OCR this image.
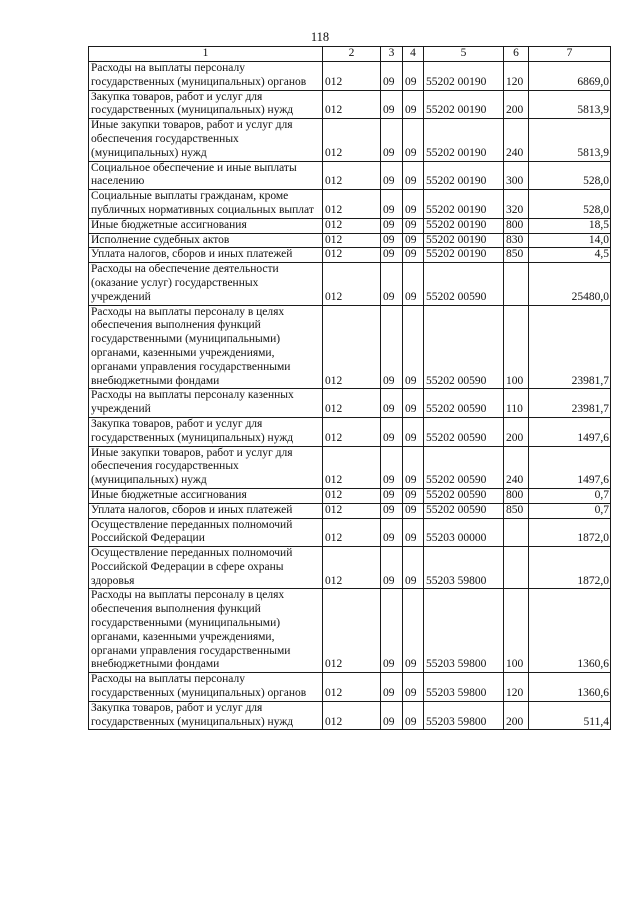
118
1	2	3	4	5	6	7
Расходы на выплаты персоналу государственных (муниципальных) органов	012	09	09	55202 00190	120	6869,0
Закупка товаров, работ и услуг для государственных (муниципальных) нужд	012	09	09	55202 00190	200	5813,9
Иные закупки товаров, работ и услуг для обеспечения государственных (муниципальных) нужд	012	09	09	55202 00190	240	5813,9
Социальное обеспечение и иные выплаты населению	012	09	09	55202 00190	300	528,0
Социальные выплаты гражданам, кроме публичных нормативных социальных выплат	012	09	09	55202 00190	320	528,0
Иные бюджетные ассигнования	012	09	09	55202 00190	800	18,5
Исполнение судебных актов	012	09	09	55202 00190	830	14,0
Уплата налогов, сборов и иных платежей	012	09	09	55202 00190	850	4,5
Расходы на обеспечение деятельности (оказание услуг) государственных учреждений	012	09	09	55202 00590		25480,0
Расходы на выплаты персоналу в целях обеспечения выполнения функций государственными (муниципальными) органами, казенными учреждениями, органами управления государственными внебюджетными фондами	012	09	09	55202 00590	100	23981,7
Расходы на выплаты персоналу казенных учреждений	012	09	09	55202 00590	110	23981,7
Закупка товаров, работ и услуг для государственных (муниципальных) нужд	012	09	09	55202 00590	200	1497,6
Иные закупки товаров, работ и услуг для обеспечения государственных (муниципальных) нужд	012	09	09	55202 00590	240	1497,6
Иные бюджетные ассигнования	012	09	09	55202 00590	800	0,7
Уплата налогов, сборов и иных платежей	012	09	09	55202 00590	850	0,7
Осуществление переданных полномочий Российской Федерации	012	09	09	55203 00000		1872,0
Осуществление переданных полномочий Российской Федерации в сфере охраны здоровья	012	09	09	55203 59800		1872,0
Расходы на выплаты персоналу в целях обеспечения выполнения функций государственными (муниципальными) органами, казенными учреждениями, органами управления государственными внебюджетными фондами	012	09	09	55203 59800	100	1360,6
Расходы на выплаты персоналу государственных (муниципальных) органов	012	09	09	55203 59800	120	1360,6
Закупка товаров, работ и услуг для государственных (муниципальных) нужд	012	09	09	55203 59800	200	511,4
